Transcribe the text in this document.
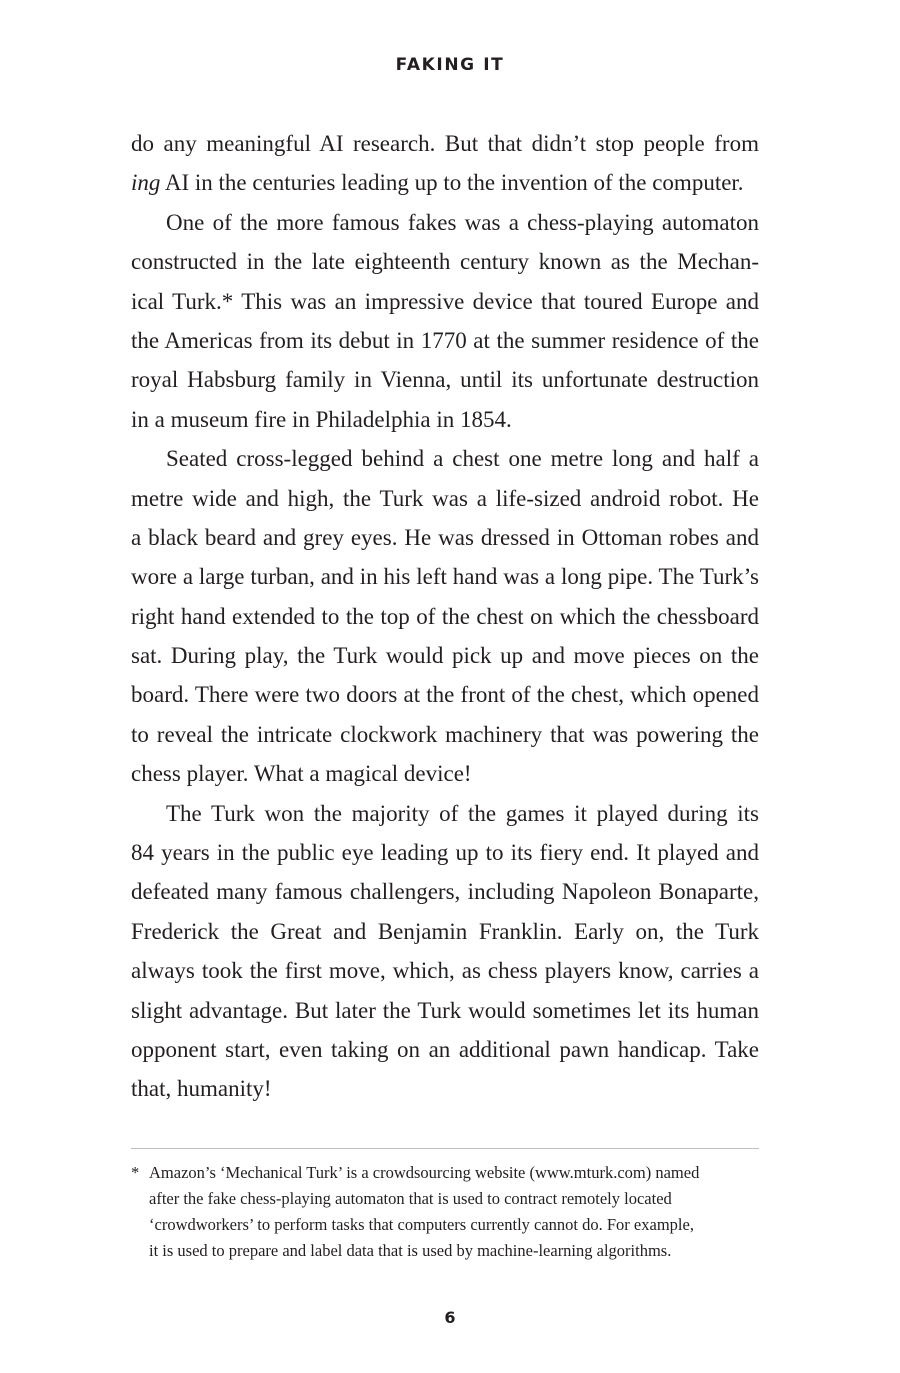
FAKING IT
do any meaningful AI research. But that didn’t stop people from
ing AI in the centuries leading up to the invention of the computer.
One of the more famous fakes was a chess-playing automaton
constructed in the late eighteenth century known as the Mechan-
ical Turk.* This was an impressive device that toured Europe and
the Americas from its debut in 1770 at the summer residence of the
royal Habsburg family in Vienna, until its unfortunate destruction
in a museum fire in Philadelphia in 1854.
Seated cross-legged behind a chest one metre long and half a
metre wide and high, the Turk was a life-sized android robot. He
a black beard and grey eyes. He was dressed in Ottoman robes and
wore a large turban, and in his left hand was a long pipe. The Turk’s
right hand extended to the top of the chest on which the chessboard
sat. During play, the Turk would pick up and move pieces on the
board. There were two doors at the front of the chest, which opened
to reveal the intricate clockwork machinery that was powering the
chess player. What a magical device!
The Turk won the majority of the games it played during its
84 years in the public eye leading up to its fiery end. It played and
defeated many famous challengers, including Napoleon Bonaparte,
Frederick the Great and Benjamin Franklin. Early on, the Turk
always took the first move, which, as chess players know, carries a
slight advantage. But later the Turk would sometimes let its human
opponent start, even taking on an additional pawn handicap. Take
that, humanity!
* Amazon’s ‘Mechanical Turk’ is a crowdsourcing website (www.mturk.com) named
after the fake chess-playing automaton that is used to contract remotely located
‘crowdworkers’ to perform tasks that computers currently cannot do. For example,
it is used to prepare and label data that is used by machine-learning algorithms.
6
